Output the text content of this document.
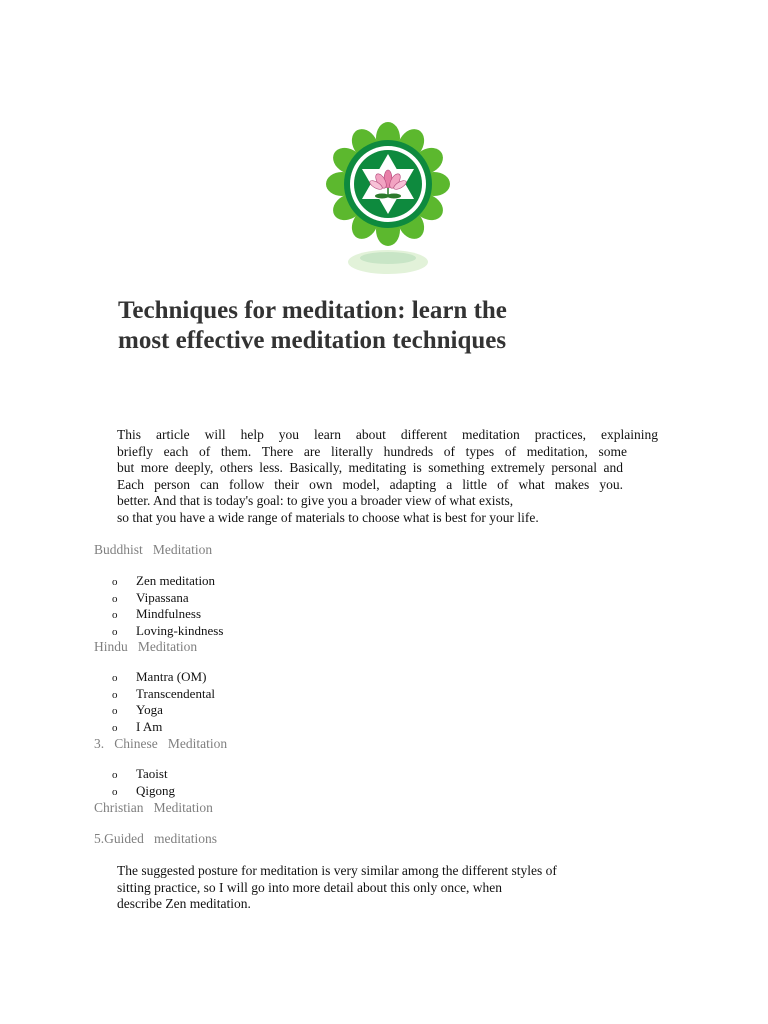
Techniques for meditation: learn the
most effective meditation techniques
This article will help you learn about different meditation practices, explaining
briefly each of them. There are literally hundreds of types of meditation, some
but more deeply, others less. Basically, meditating is something extremely personal and
Each person can follow their own model, adapting a little of what makes you.
better. And that is today's goal: to give you a broader view of what exists,
so that you have a wide range of materials to choose what is best for your life.
Buddhist   Meditation
o Zen meditation
o Vipassana
o Mindfulness
o Loving-kindness
Hindu   Meditation
o Mantra (OM)
o Transcendental
o Yoga
o I Am
3.   Chinese   Meditation
o Taoist
o Qigong
Christian   Meditation
5.Guided   meditations
The suggested posture for meditation is very similar among the different styles of
sitting practice, so I will go into more detail about this only once, when
describe Zen meditation.
